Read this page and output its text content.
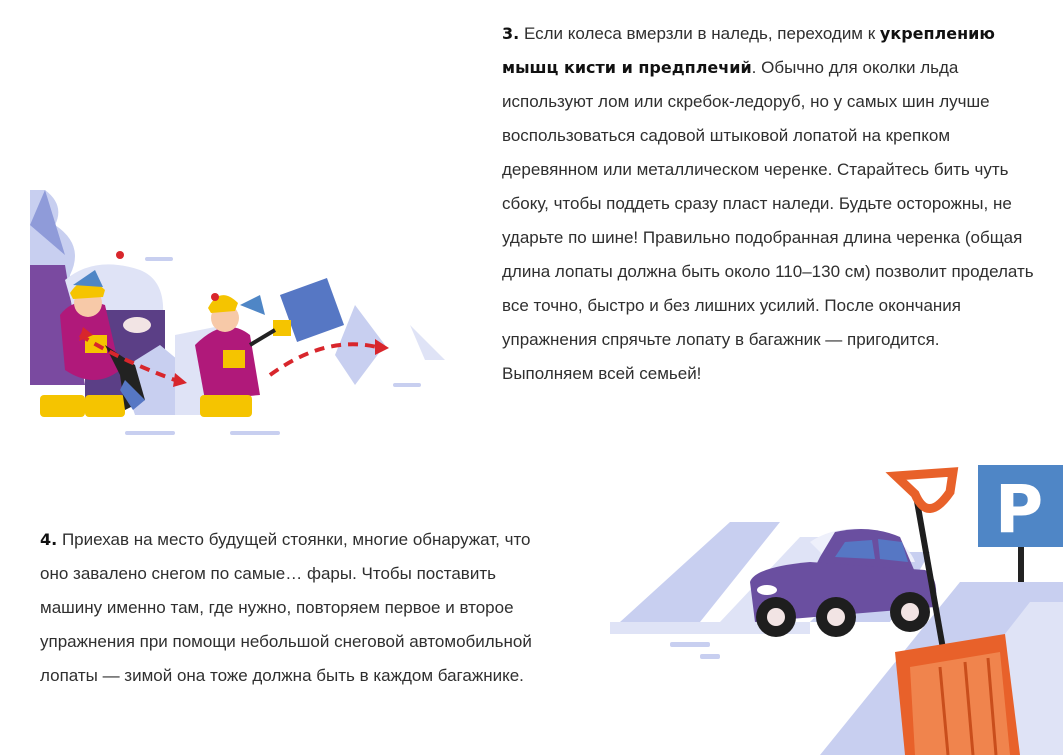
3. Если колеса вмерзли в наледь, переходим к укреплению мышц кисти и предплечий. Обычно для околки льда используют лом или скребок-ледоруб, но у самых шин лучше воспользоваться садовой штыковой лопатой на крепком деревянном или металлическом черенке. Старайтесь бить чуть сбоку, чтобы поддеть сразу пласт наледи. Будьте осторожны, не ударьте по шине! Правильно подобранная длина черенка (общая длина лопаты должна быть около 110–130 см) позволит проделать все точно, быстро и без лишних усилий. После окончания упражнения спрячьте лопату в багажник — пригодится. Выполняем всей семьей!

4. Приехав на место будущей стоянки, многие обнаружат, что оно завалено снегом по самые… фары. Чтобы поставить машину именно там, где нужно, повторяем первое и второе упражнения при помощи небольшой снеговой автомобильной лопаты — зимой она тоже должна быть в каждом багажнике.

P
